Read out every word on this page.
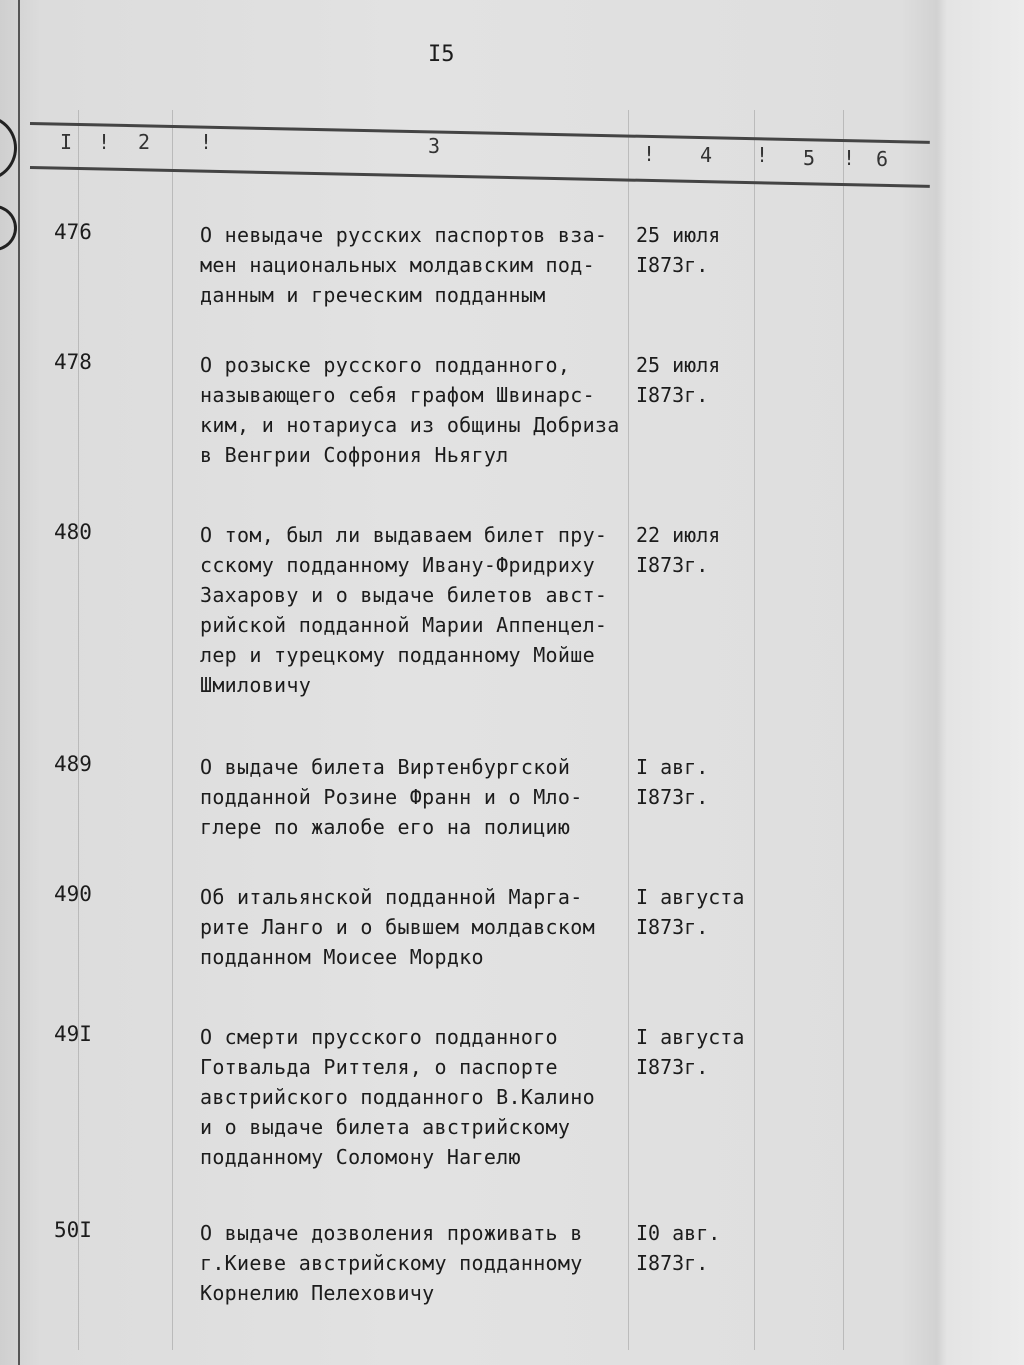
I5
I ! 2 !	3	! 4 ! 5 ! 6
476	О невыдаче русских паспортов вза-
мен национальных молдавским под-
данным и греческим подданным
25 июля
I873г.
478	О розыске русского подданного,
называющего себя графом Швинарс-
ким, и нотариуса из общины Добриза
в Венгрии Софрония Ньягул
25 июля
I873г.
480	О том, был ли выдаваем билет пру-
сскому подданному Ивану-Фридриху
Захарову и о выдаче билетов авст-
рийской подданной Марии Аппенцел-
лер и турецкому подданному Мойше
Шмиловичу
22 июля
I873г.
489	О выдаче билета Виртенбургской
подданной Розине Франн и о Мло-
глере по жалобе его на полицию
I авг.
I873г.
490	Об итальянской подданной Марга-
рите Ланго и о бывшем молдавском
подданном Моисее Мордко
I августа
I873г.
49I	О смерти прусского подданного
Готвальда Риттеля, о паспорте
австрийского подданного В.Калино
и о выдаче билета австрийскому
подданному Соломону Нагелю
I августа
I873г.
50I	О выдаче дозволения проживать в
г.Киеве австрийскому подданному
Корнелию Пелеховичу
I0 авг.
I873г.
